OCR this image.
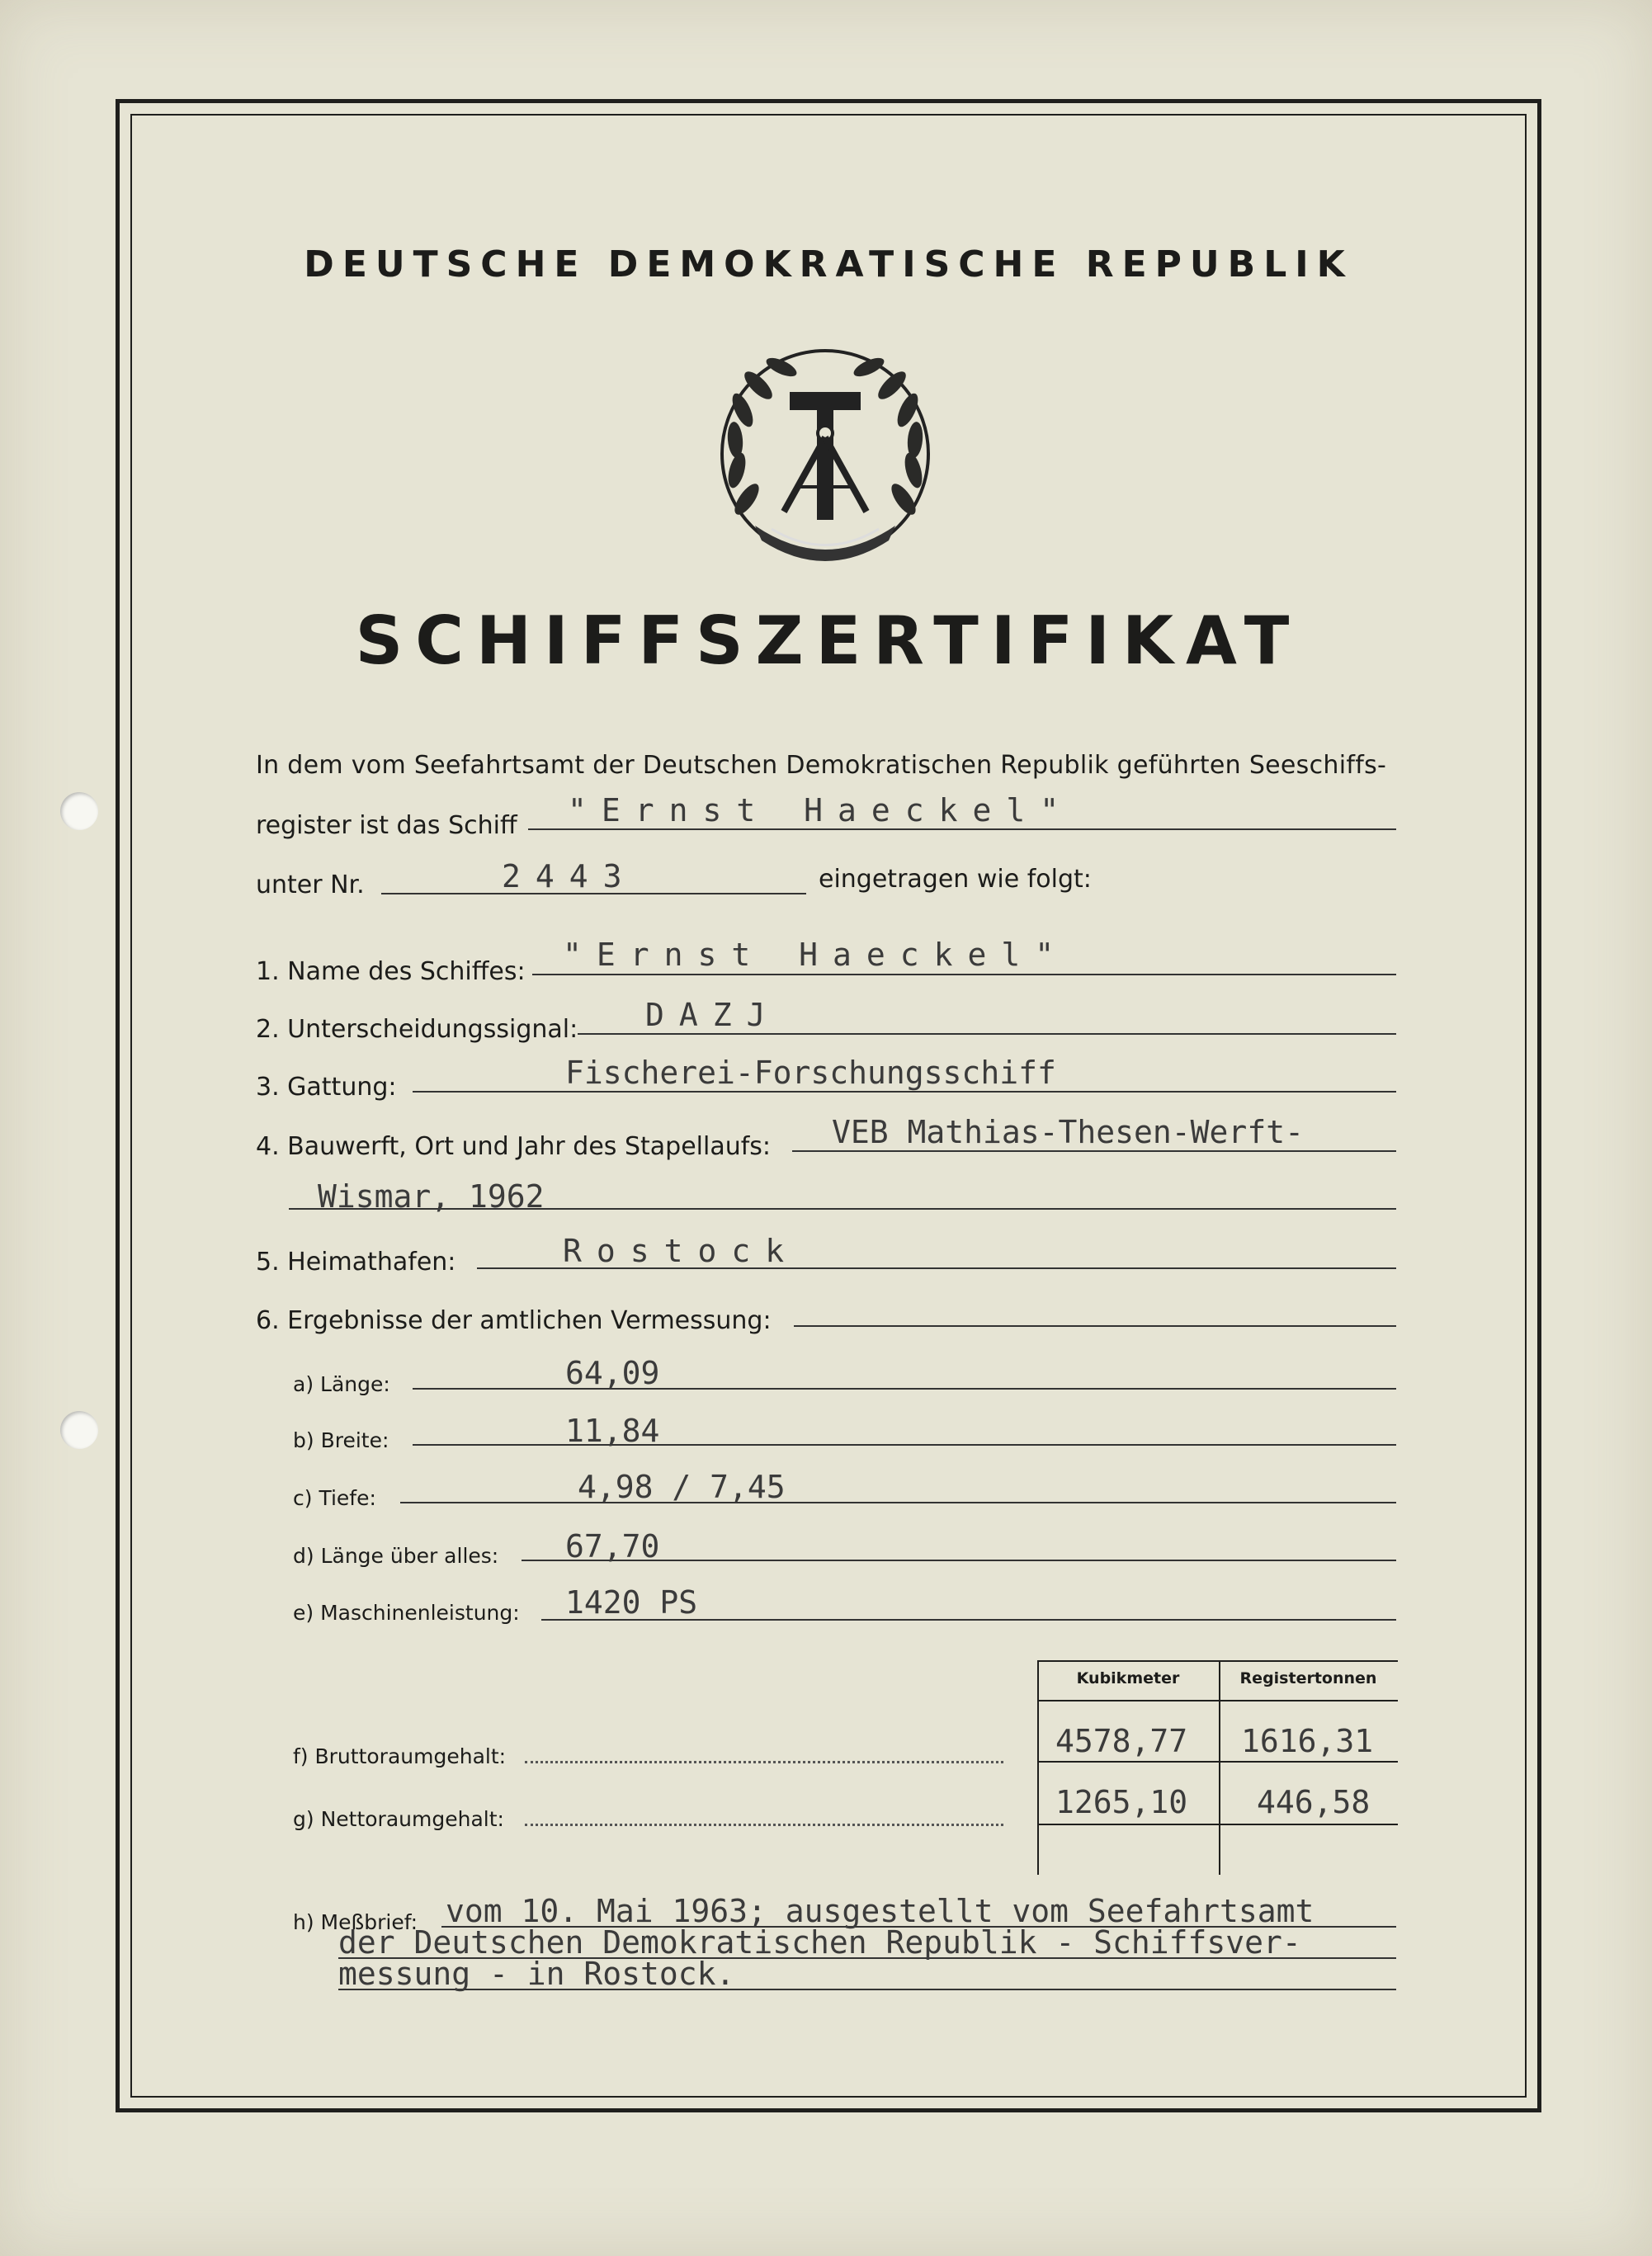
DEUTSCHE DEMOKRATISCHE REPUBLIK
SCHIFFSZERTIFIKAT
In dem vom Seefahrtsamt der Deutschen Demokratischen Republik geführten Seeschiffs-
register ist das Schiff "Ernst Haeckel"
unter Nr.	2443	eingetragen wie folgt:
1. Name des Schiffes: "Ernst Haeckel"
2. Unterscheidungssignal: DAZJ
3. Gattung:	Fischerei-Forschungsschiff
4. Bauwerft, Ort und Jahr des Stapellaufs: VEB Mathias-Thesen-Werft-
Wismar, 1962
5. Heimathafen:	Rostock
6. Ergebnisse der amtlichen Vermessung:
a) Länge:	64,09
b) Breite:	11,84
c) Tiefe:	4,98 / 7,45
d) Länge über alles: 67,70
e) Maschinenleistung: 1420 PS
Kubikmeter	Registertonnen
4578,77 1616,31
1265,10 446,58
f) Bruttoraumgehalt:
g) Nettoraumgehalt:
h) Meßbrief: vom 10. Mai 1963; ausgestellt vom Seefahrtsamt
der Deutschen Demokratischen Republik - Schiffsver-
messung - in Rostock.
